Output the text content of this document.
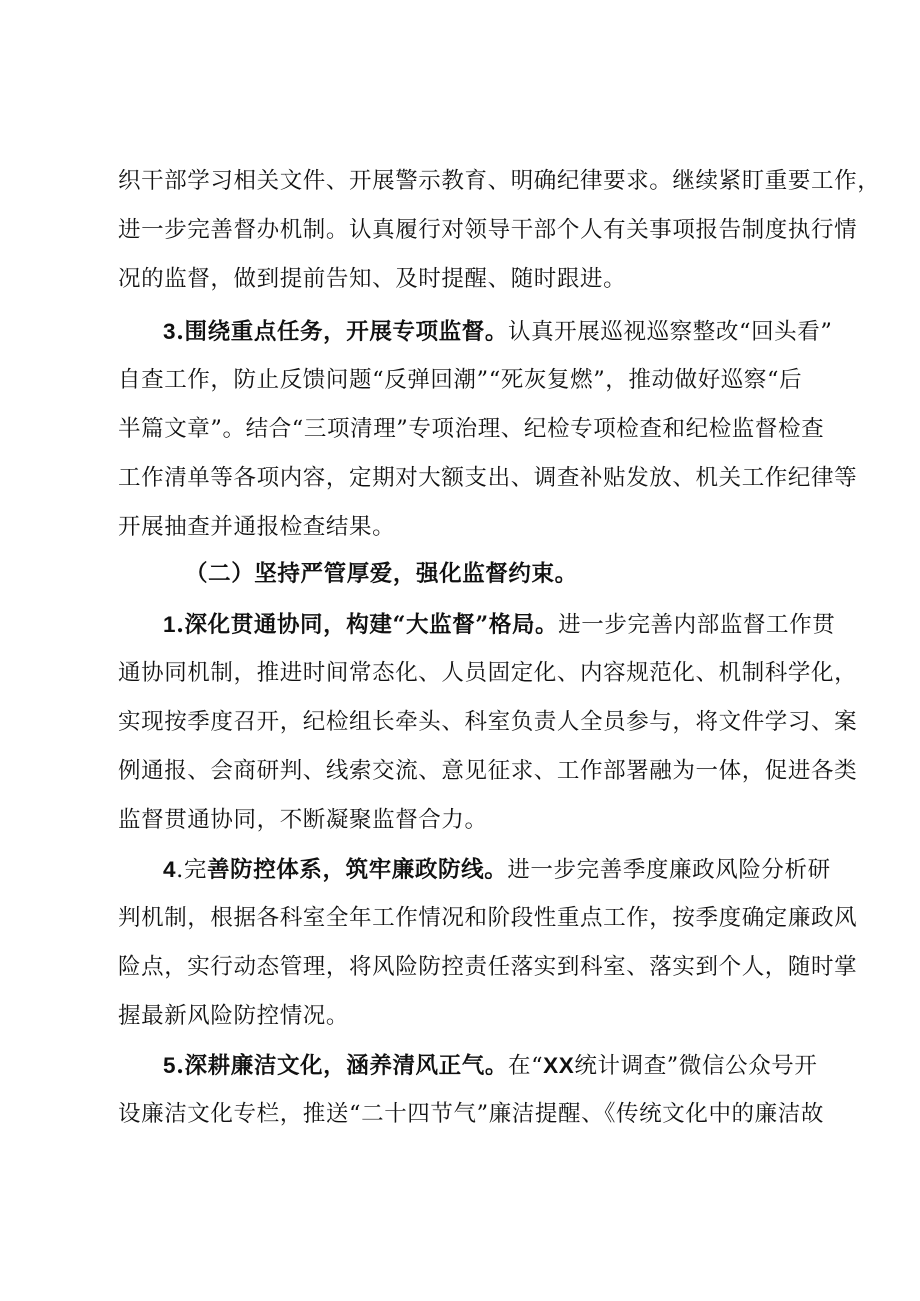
织干部学习相关文件、开展警示教育、明确纪律要求。继续紧盯重要工作，
进一步完善督办机制。认真履行对领导干部个人有关事项报告制度执行情
况的监督，做到提前告知、及时提醒、随时跟进。
3.围绕重点任务，开展专项监督。认真开展巡视巡察整改“回头看”
自查工作，防止反馈问题“反弹回潮”“死灰复燃”，推动做好巡察“后
半篇文章”。结合“三项清理”专项治理、纪检专项检查和纪检监督检查
工作清单等各项内容，定期对大额支出、调查补贴发放、机关工作纪律等
开展抽查并通报检查结果。
（二）坚持严管厚爱，强化监督约束。
1.深化贯通协同，构建“大监督”格局。进一步完善内部监督工作贯
通协同机制，推进时间常态化、人员固定化、内容规范化、机制科学化，
实现按季度召开，纪检组长牵头、科室负责人全员参与，将文件学习、案
例通报、会商研判、线索交流、意见征求、工作部署融为一体，促进各类
监督贯通协同，不断凝聚监督合力。
4.完善防控体系，筑牢廉政防线。进一步完善季度廉政风险分析研
判机制，根据各科室全年工作情况和阶段性重点工作，按季度确定廉政风
险点，实行动态管理，将风险防控责任落实到科室、落实到个人，随时掌
握最新风险防控情况。
5.深耕廉洁文化，涵养清风正气。在“XX统计调查”微信公众号开
设廉洁文化专栏，推送“二十四节气”廉洁提醒、《传统文化中的廉洁故
